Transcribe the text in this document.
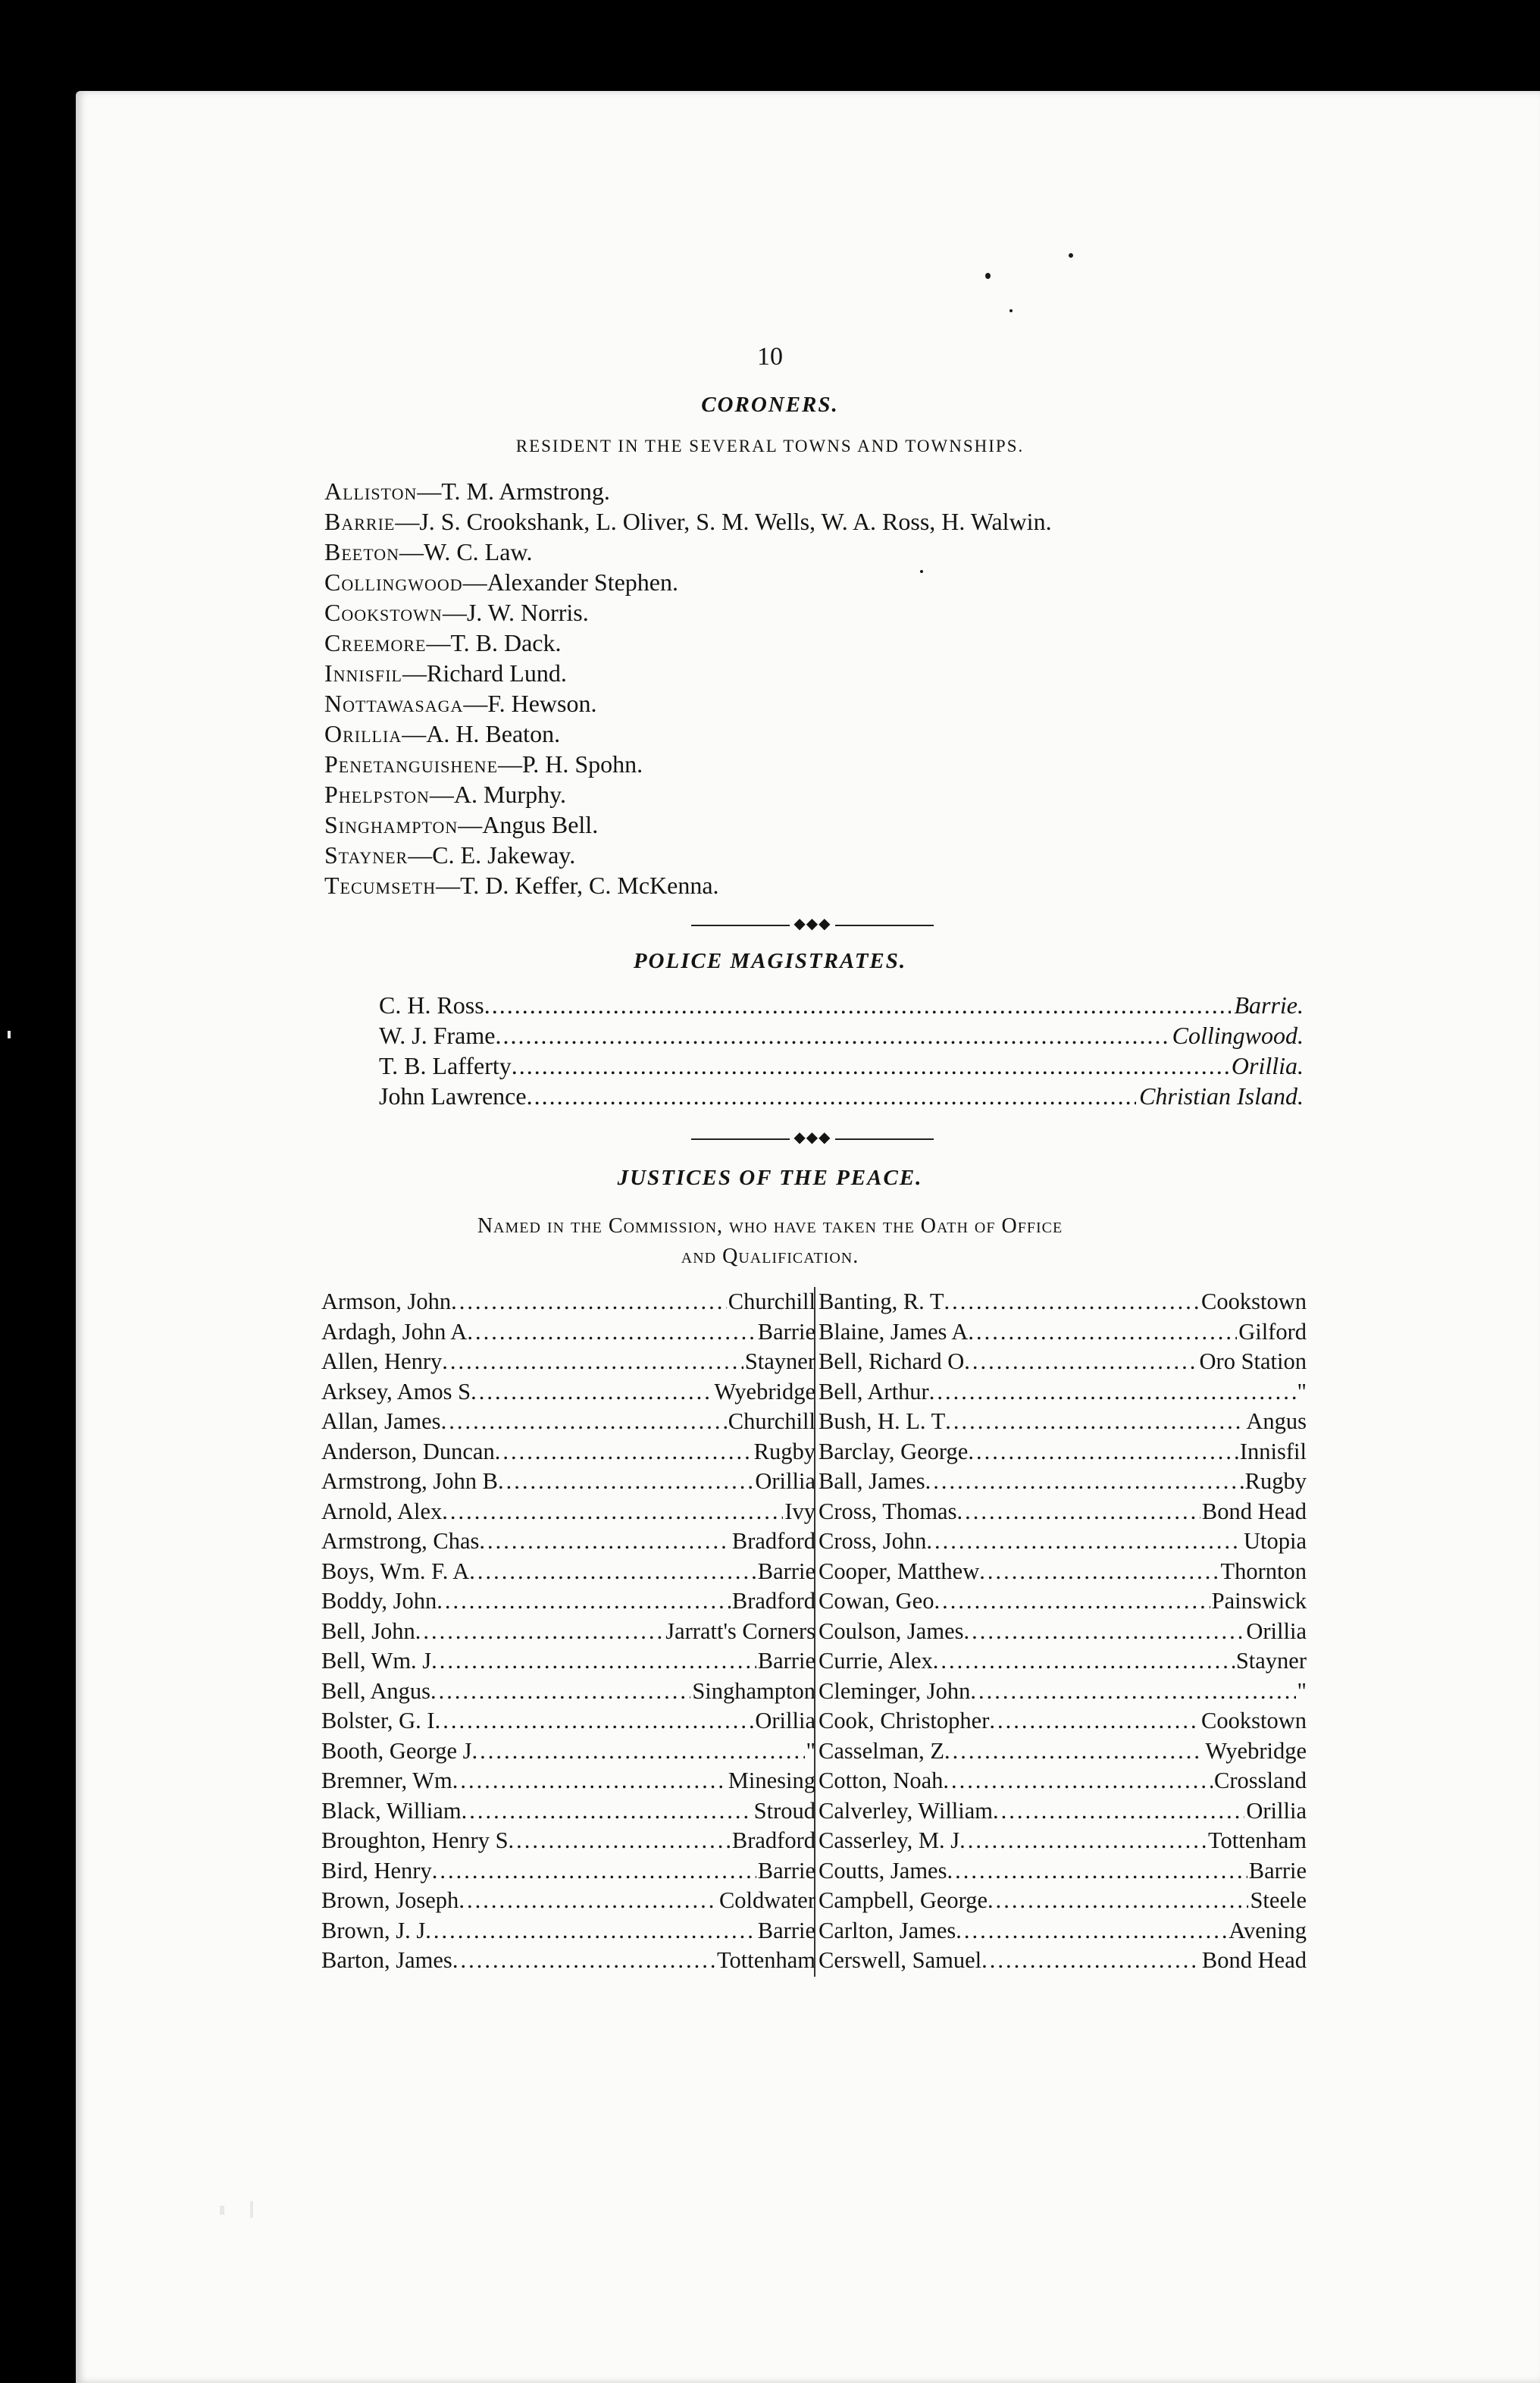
10
CORONERS.
RESIDENT IN THE SEVERAL TOWNS AND TOWNSHIPS.
Alliston—T. M. Armstrong.
Barrie—J. S. Crookshank, L. Oliver, S. M. Wells, W. A. Ross, H. Walwin.
Beeton—W. C. Law.
Collingwood—Alexander Stephen.
Cookstown—J. W. Norris.
Creemore—T. B. Dack.
Innisfil—Richard Lund.
Nottawasaga—F. Hewson.
Orillia—A. H. Beaton.
Penetanguishene—P. H. Spohn.
Phelpston—A. Murphy.
Singhampton—Angus Bell.
Stayner—C. E. Jakeway.
Tecumseth—T. D. Keffer, C. McKenna.
◆◆◆
POLICE MAGISTRATES.
C. H. Ross .....	Barrie.
W. J. Frame .....	Collingwood.
T. B. Lafferty .....	Orillia.
John Lawrence .....	Christian Island.
◆◆◆
JUSTICES OF THE PEACE.
Named in the Commission, who have taken the Oath of Office
and Qualification.
Armson, John .....	Churchill
Ardagh, John A .....	Barrie
Allen, Henry .....	Stayner
Arksey, Amos S .....	Wyebridge
Allan, James .....	Churchill
Anderson, Duncan .....	Rugby
Armstrong, John B .....	Orillia
Arnold, Alex .....	Ivy
Armstrong, Chas .....	Bradford
Boys, Wm. F. A .....	Barrie
Boddy, John .....	Bradford
Bell, John .....	Jarratt's Corners
Bell, Wm. J .....	Barrie
Bell, Angus .....	Singhampton
Bolster, G. I .....	Orillia
Booth, George J .....	"
Bremner, Wm .....	Minesing
Black, William .....	Stroud
Broughton, Henry S .....	Bradford
Bird, Henry .....	Barrie
Brown, Joseph .....	Coldwater
Brown, J. J .....	Barrie
Barton, James .....	Tottenham
Banting, R. T .....	Cookstown
Blaine, James A .....	Gilford
Bell, Richard O .....	Oro Station
Bell, Arthur .....	"
Bush, H. L. T .....	Angus
Barclay, George .....	Innisfil
Ball, James .....	Rugby
Cross, Thomas .....	Bond Head
Cross, John .....	Utopia
Cooper, Matthew .....	Thornton
Cowan, Geo .....	Painswick
Coulson, James .....	Orillia
Currie, Alex .....	Stayner
Cleminger, John .....	"
Cook, Christopher .....	Cookstown
Casselman, Z .....	Wyebridge
Cotton, Noah .....	Crossland
Calverley, William .....	Orillia
Casserley, M. J .....	Tottenham
Coutts, James .....	Barrie
Campbell, George .....	Steele
Carlton, James .....	Avening
Cerswell, Samuel .....	Bond Head
